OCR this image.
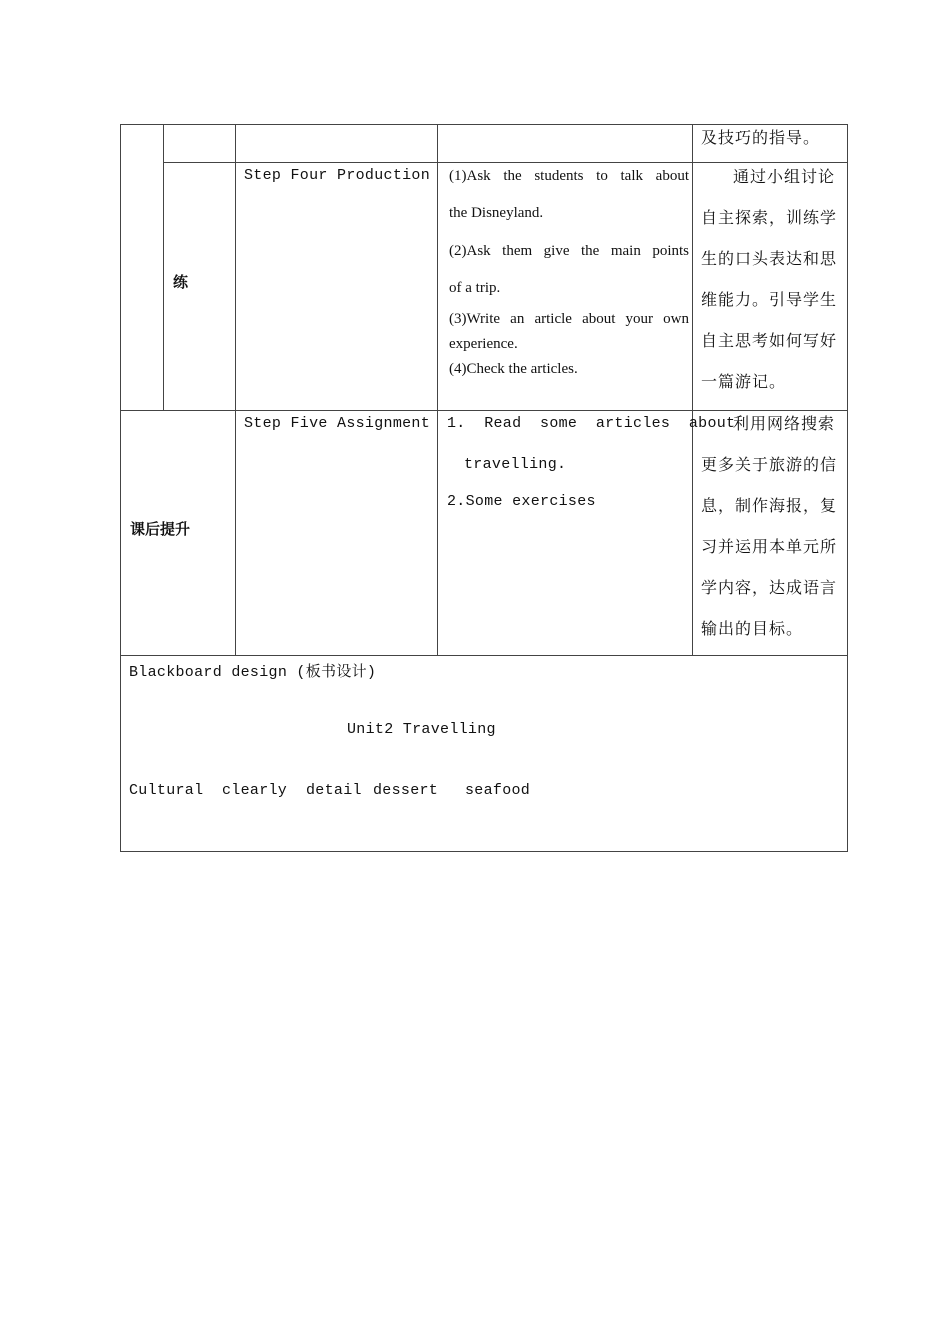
及技巧的指导。
练
Step Four Production (1)Ask the students to talk about
the Disneyland.
(2)Ask them give the main points
of a trip.
(3)Write an article about your own
experience.
(4)Check the articles.
通过小组讨论
自主探索，训练学
生的口头表达和思
维能力。引导学生
自主思考如何写好
一篇游记。
课后提升
Step Five Assignment 1.  Read  some  articles  about
travelling.
2.Some exercises
利用网络搜索
更多关于旅游的信
息，制作海报，复
习并运用本单元所
学内容，达成语言
输出的目标。
Blackboard design (板书设计)
Unit2 Travelling
Cultural clearly detail dessert seafood
